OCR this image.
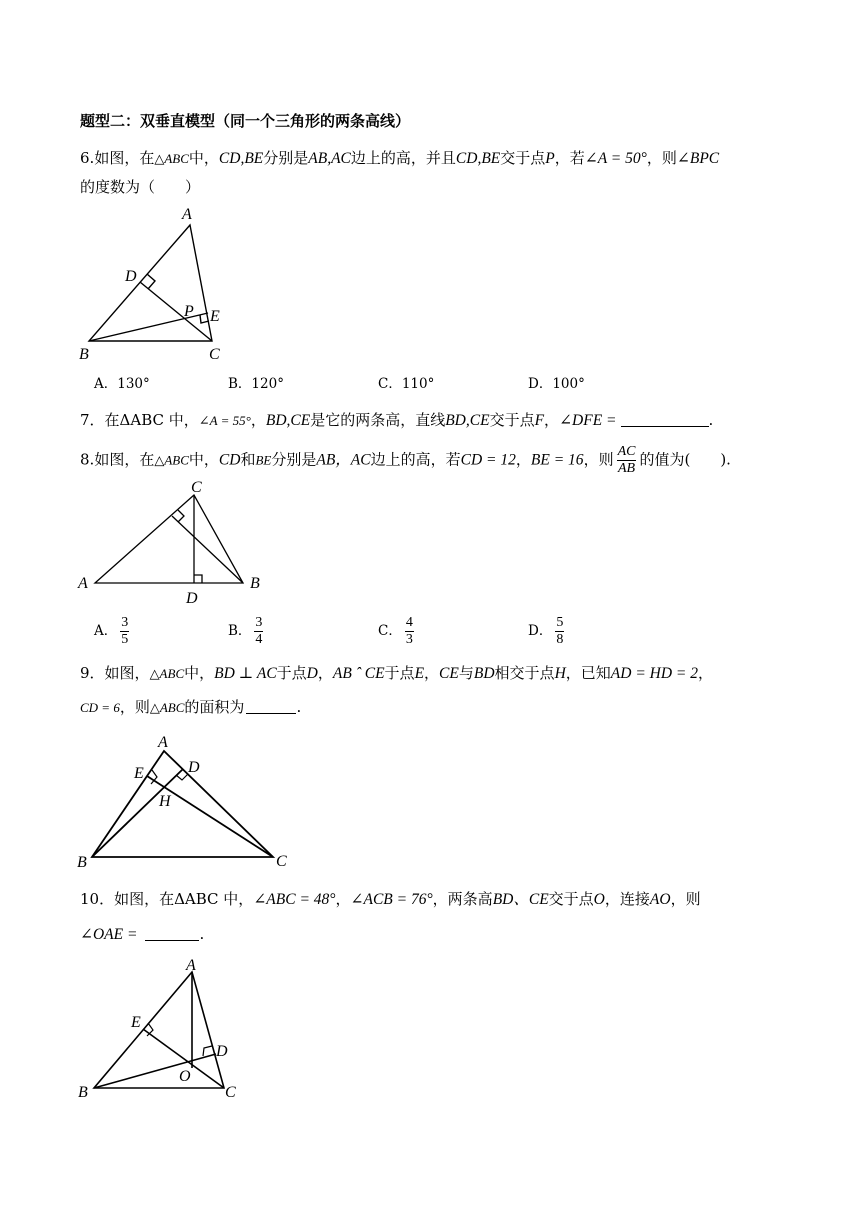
题型二：双垂直模型（同一个三角形的两条高线）
6.如图，在△ABC中，CD,BE分别是AB,AC边上的高，并且CD,BE交于点P，若∠A = 50°，则∠BPC
的度数为（　　）
A
D
P E
B	C
A．130°	B．120°	C．110°	D．100°
7．在ΔABC 中，∠A = 55°，BD,CE是它的两条高，直线BD,CE交于点F，∠DFE =	.
8.如图，在△ABC中，CD和BE分别是AB，AC边上的高，若CD = 12，BE = 16，则 $\frac{AC}{AB}$ 的值为(　　).
C
A
D
B
A． $\frac{3}{5}$	B． $\frac{3}{4}$	C． $\frac{4}{3}$	D． $\frac{5}{8}$
9．如图，△ABC中，BD ⊥ AC于点D，AB ˆ CE于点E，CE与BD相交于点H，已知AD = HD = 2，
CD = 6，则△ABC的面积为	.
A
E	D
H
B	C
10．如图，在ΔABC 中，∠ABC = 48°，∠ACB = 76°，两条高BD、CE交于点O，连接AO，则
∠OAE =	.
A
E
D
O
B	C
